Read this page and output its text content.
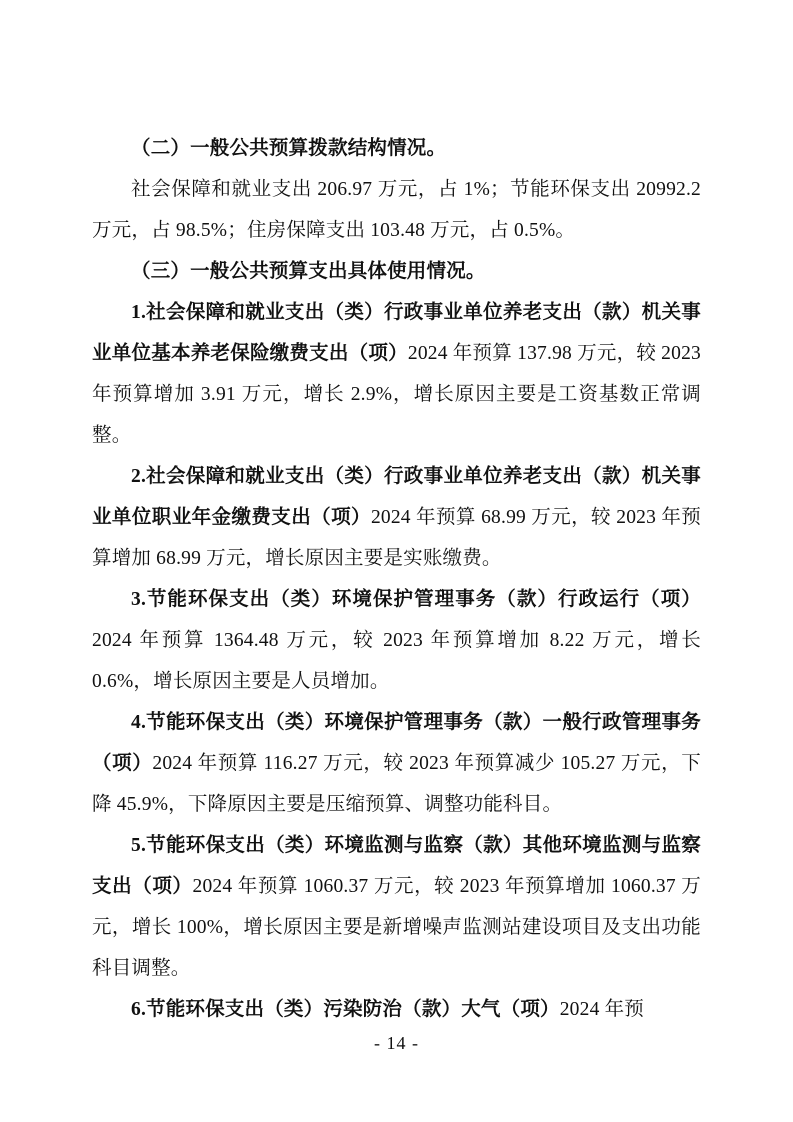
（二）一般公共预算拨款结构情况。

社会保障和就业支出 206.97 万元，占 1%；节能环保支出 20992.2 万元，占 98.5%；住房保障支出 103.48 万元，占 0.5%。

（三）一般公共预算支出具体使用情况。

1.社会保障和就业支出（类）行政事业单位养老支出（款）机关事业单位基本养老保险缴费支出（项）2024 年预算 137.98 万元，较 2023 年预算增加 3.91 万元，增长 2.9%，增长原因主要是工资基数正常调整。

2.社会保障和就业支出（类）行政事业单位养老支出（款）机关事业单位职业年金缴费支出（项）2024 年预算 68.99 万元，较 2023 年预算增加 68.99 万元，增长原因主要是实账缴费。

3.节能环保支出（类）环境保护管理事务（款）行政运行（项）2024 年预算 1364.48 万元，较 2023 年预算增加 8.22 万元，增长 0.6%，增长原因主要是人员增加。

4.节能环保支出（类）环境保护管理事务（款）一般行政管理事务（项）2024 年预算 116.27 万元，较 2023 年预算减少 105.27 万元，下降 45.9%，下降原因主要是压缩预算、调整功能科目。

5.节能环保支出（类）环境监测与监察（款）其他环境监测与监察支出（项）2024 年预算 1060.37 万元，较 2023 年预算增加 1060.37 万元，增长 100%，增长原因主要是新增噪声监测站建设项目及支出功能科目调整。

6.节能环保支出（类）污染防治（款）大气（项）2024 年预

- 14 -
